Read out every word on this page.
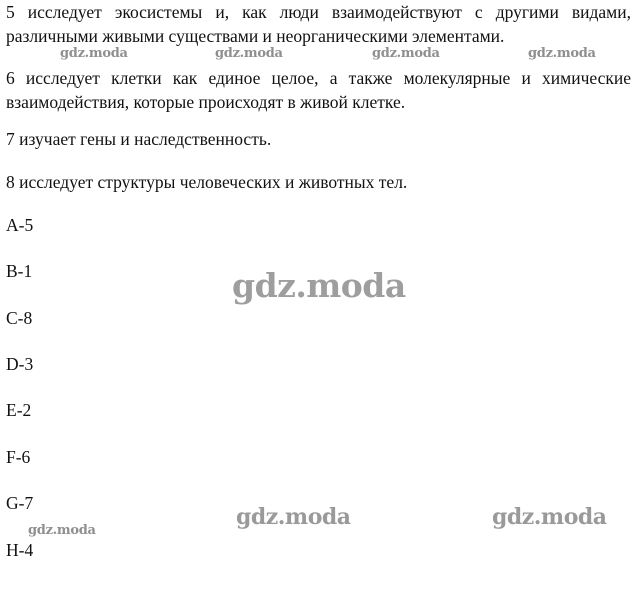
5 исследует экосистемы и, как люди взаимодействуют с другими видами, различными живыми существами и неорганическими элементами.
6 исследует клетки как единое целое, а также молекулярные и химические взаимодействия, которые происходят в живой клетке.
7 изучает гены и наследственность.
8 исследует структуры человеческих и животных тел.
A-5
B-1
C-8
D-3
E-2
F-6
G-7
H-4
gdz.moda	gdz.moda	gdz.moda	gdz.moda
gdz.moda
gdz.moda	gdz.moda
gdz.moda
